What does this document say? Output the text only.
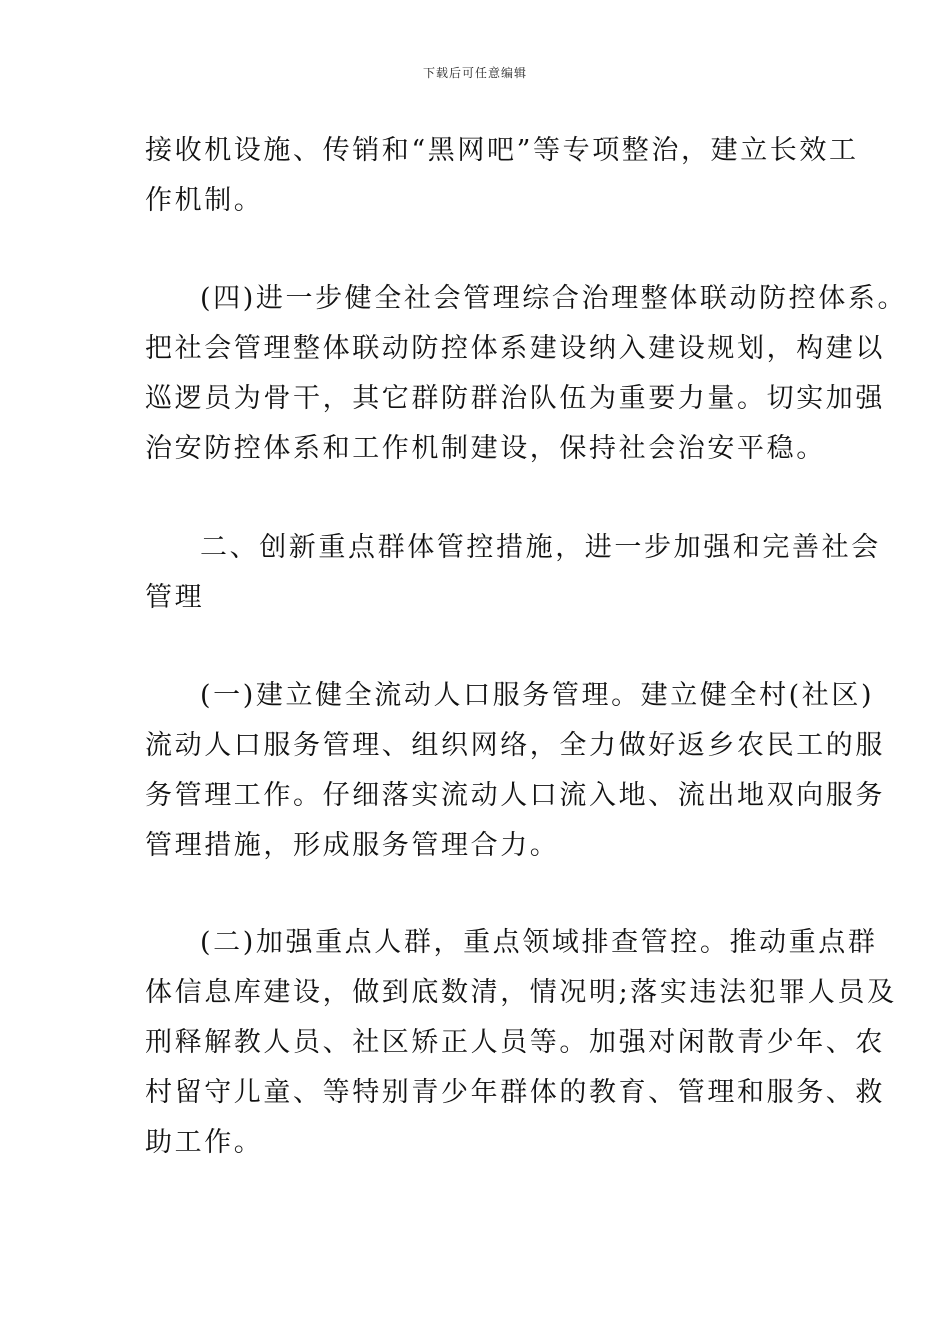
下载后可任意编辑
接收机设施、传销和“黑网吧”等专项整治，建立长效工
作机制。
(四)进一步健全社会管理综合治理整体联动防控体系。
把社会管理整体联动防控体系建设纳入建设规划，构建以
巡逻员为骨干，其它群防群治队伍为重要力量。切实加强
治安防控体系和工作机制建设，保持社会治安平稳。
二、创新重点群体管控措施，进一步加强和完善社会
管理
(一)建立健全流动人口服务管理。建立健全村(社区)
流动人口服务管理、组织网络，全力做好返乡农民工的服
务管理工作。仔细落实流动人口流入地、流出地双向服务
管理措施，形成服务管理合力。
(二)加强重点人群，重点领域排查管控。推动重点群
体信息库建设，做到底数清，情况明;落实违法犯罪人员及
刑释解教人员、社区矫正人员等。加强对闲散青少年、农
村留守儿童、等特别青少年群体的教育、管理和服务、救
助工作。
